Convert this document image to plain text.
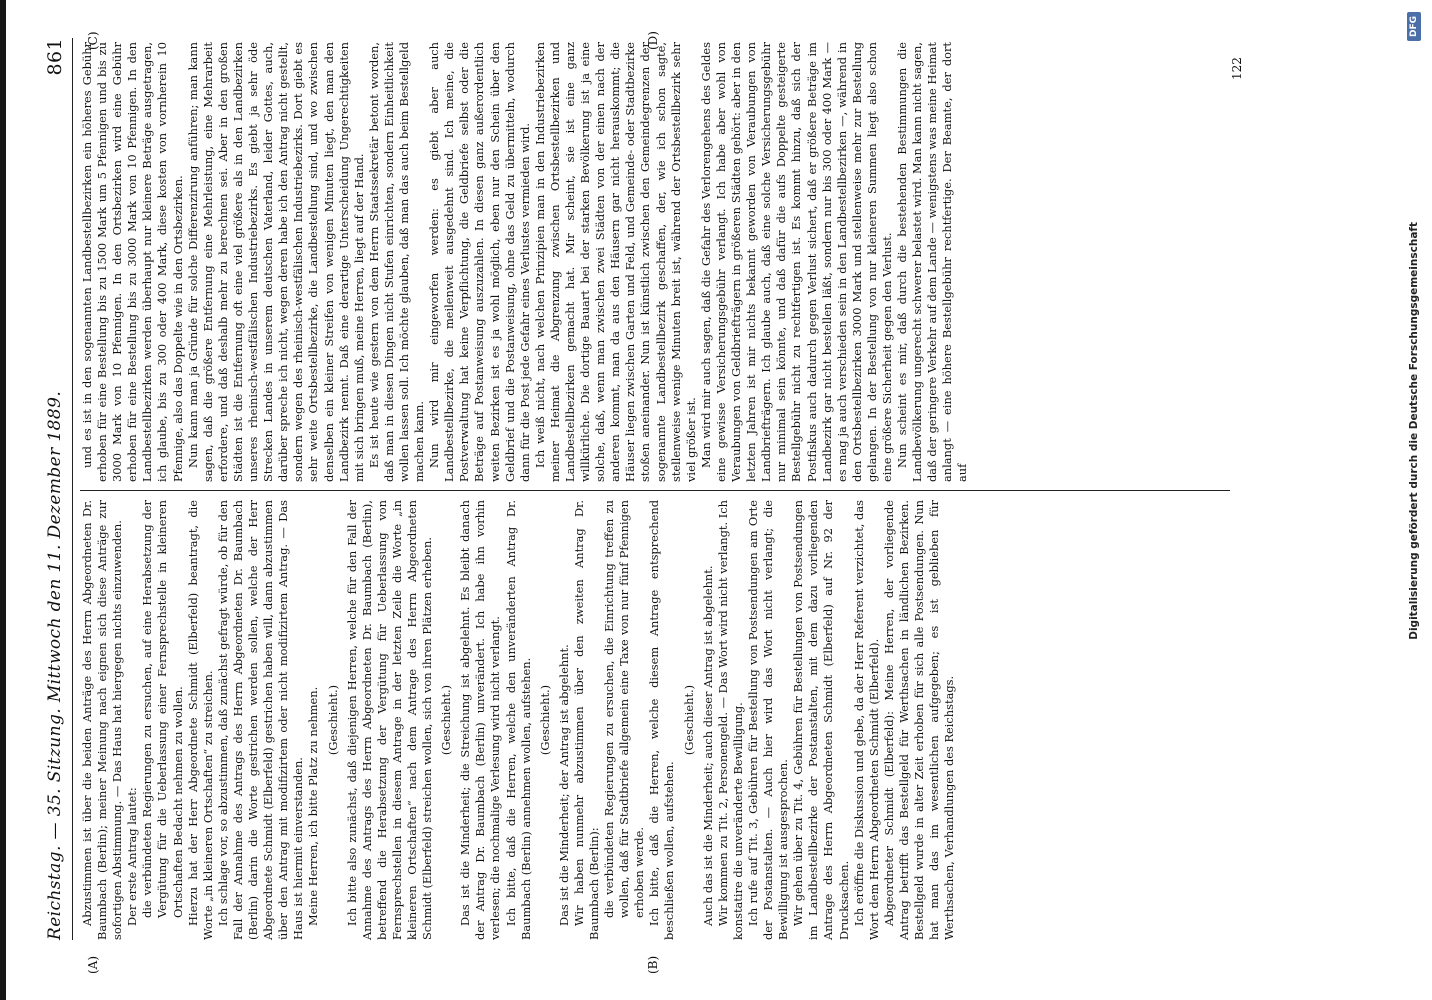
Reichstag. — 35. Sitzung. Mittwoch den 11. Dezember 1889.
861
(A)	(B)
(C)	(D)

Abzustimmen ist über die beiden Anträge des Herrn Abgeordneten Dr. Baumbach (Berlin); meiner Meinung nach eignen sich diese Anträge zur sofortigen Abstimmung. — Das Haus hat hiergegen nichts einzuwenden. Der erste Antrag lautet: die verbündeten Regierungen zu ersuchen, auf eine Herabsetzung der Vergütung für die Ueberlassung einer Fernsprechstelle in kleineren Ortschaften Bedacht nehmen zu wollen. Hierzu hat der Herr Abgeordnete Schmidt (Elberfeld) beantragt, die Worte „in kleineren Ortschaften“ zu streichen. Ich schlage vor, so abzustimmen, daß zunächst gefragt würde, ob für den Fall der Annahme des Antrags des Herrn Abgeordneten Dr. Baumbach (Berlin) darin die Worte gestrichen werden sollen, welche der Herr Abgeordnete Schmidt (Elberfeld) gestrichen haben will, dann abzustimmen über den Antrag mit modifizirtem oder nicht modifizirtem Antrag. — Das Haus ist hiermit einverstanden. Meine Herren, ich bitte Platz zu nehmen. (Geschieht.) Ich bitte also zunächst, daß diejenigen Herren, welche für den Fall der Annahme des Antrags des Herrn Abgeordneten Dr. Baumbach (Berlin), betreffend die Herabsetzung der Vergütung für Ueberlassung von Fernsprechstellen in diesem Antrage in der letzten Zeile die Worte „in kleineren Ortschaften“ nach dem Antrage des Herrn Abgeordneten Schmidt (Elberfeld) streichen wollen, sich von ihren Plätzen erheben. (Geschieht.) Das ist die Minderheit; die Streichung ist abgelehnt. Es bleibt danach der Antrag Dr. Baumbach (Berlin) unverändert. Ich habe ihn vorhin verlesen; die nochmalige Verlesung wird nicht verlangt. Ich bitte, daß die Herren, welche den unveränderten Antrag Dr. Baumbach (Berlin) annehmen wollen, aufstehen. (Geschieht.) Das ist die Minderheit; der Antrag ist abgelehnt. Wir haben nunmehr abzustimmen über den zweiten Antrag Dr. Baumbach (Berlin): die verbündeten Regierungen zu ersuchen, die Einrichtung treffen zu wollen, daß für Stadtbriefe allgemein eine Taxe von nur fünf Pfennigen erhoben werde. Ich bitte, daß die Herren, welche diesem Antrage entsprechend beschließen wollen, aufstehen.

(Geschieht.) Auch das ist die Minderheit; auch dieser Antrag ist abgelehnt. Wir kommen zu Tit. 2, Personengeld. — Das Wort wird nicht verlangt. Ich konstatire die unveränderte Bewilligung. Ich rufe auf Tit. 3, Gebühren für Bestellung von Postsendungen am Orte der Postanstalten. — Auch hier wird das Wort nicht verlangt; die Bewilligung ist ausgesprochen. Wir gehen über zu Tit. 4, Gebühren für Bestellungen von Postsendungen im Landbestellbezirke der Postanstalten, mit dem dazu vorliegenden Antrage des Herrn Abgeordneten Schmidt (Elberfeld) auf Nr. 92 der Drucksachen. Ich eröffne die Diskussion und gebe, da der Herr Referent verzichtet, das Wort dem Herrn Abgeordneten Schmidt (Elberfeld). Abgeordneter Schmidt (Elberfeld): Meine Herren, der vorliegende Antrag betrifft das Bestellgeld für Werthsachen in ländlichen Bezirken. Bestellgeld wurde in alter Zeit erhoben für sich alle Postsendungen. Nun hat man das im wesentlichen aufgegeben; es ist geblieben für Werthsachen, Verhandlungen des Reichstags.

und es ist in den sogenannten Landbestellbezirken ein höheres Gebühr erhoben für eine Bestellung bis zu 1500 Mark um 5 Pfennigen und bis zu 3000 Mark von 10 Pfennigen. In den Ortsbezirken wird eine Gebühr erhoben für eine Bestellung bis zu 3000 Mark von 10 Pfennigen. In den Landbestellbezirken werden überhaupt nur kleinere Beträge ausgetragen, ich glaube, bis zu 300 oder 400 Mark, diese kosten von vornherein 10 Pfennige, also das Doppelte wie in den Ortsbezirken. Nun kann man ja Gründe für solche Differenzirung anführen; man kann sagen, daß die größere Entfernung eine Mehrleistung, eine Mehrarbeit erfordere, und daß deshalb mehr zu berechnen sei. Aber in den großen Städten ist die Entfernung oft eine viel größere als in den Landbezirken unseres rheinisch-westfälischen Industriebezirks. Es giebt ja sehr öde Strecken Landes in unserem deutschen Vaterland, leider Gottes, auch, darüber spreche ich nicht, wegen deren habe ich den Antrag nicht gestellt, sondern wegen des rheinisch-westfälischen Industriebezirks. Dort giebt es sehr weite Ortsbestellbezirke, die Landbestellung sind, und wo zwischen denselben ein kleiner Streifen von wenigen Minuten liegt, den man den Landbezirk nennt. Daß eine derartige Unterscheidung Ungerechtigkeiten mit sich bringen muß, meine Herren, liegt auf der Hand. Es ist heute wie gestern von dem Herrn Staatssekretär betont worden, daß man in diesen Dingen nicht Stufen einrichten, sondern Einheitlichkeit wollen lassen soll. Ich möchte glauben, daß man das auch beim Bestellgeld machen kann. Nun wird mir eingeworfen werden: es giebt aber auch Landbestellbezirke, die meilenweit ausgedehnt sind. Ich meine, die Postverwaltung hat keine Verpflichtung, die Geldbriefe selbst oder die Beträge auf Postanweisung auszuzahlen. In diesen ganz außerordentlich weiten Bezirken ist es ja wohl möglich, eben nur den Schein über den Geldbrief und die Postanweisung, ohne das Geld zu übermitteln, wodurch dann für die Post jede Gefahr eines Verlustes vermieden wird. Ich weiß nicht, nach welchen Prinzipien man in den Industriebezirken meiner Heimat die Abgrenzung zwischen Ortsbestellbezirken und Landbestellbezirken gemacht hat. Mir scheint, sie ist eine ganz willkürliche. Die dortige Bauart bei der starken Bevölkerung ist ja eine solche, daß, wenn man zwischen zwei Städten von der einen nach der anderen kommt, man da aus den Häusern gar nicht herauskommt; die Häuser liegen zwischen Garten und Feld, und Gemeinde- oder Stadtbezirke stoßen aneinander. Nun ist künstlich zwischen den Gemeindegrenzen der sogenannte Landbestellbezirk geschaffen, der, wie ich schon sagte, stellenweise wenige Minuten breit ist, während der Ortsbestellbezirk sehr viel größer ist. Man wird mir auch sagen, daß die Gefahr des Verlorengehens des Geldes eine gewisse Versicherungsgebühr verlangt. Ich habe aber wohl von Veraubungen von Geldbriefträgern in größeren Städten gehört: aber in den letzten Jahren ist mir nichts bekannt geworden von Veraubungen von Landbriefträgern. Ich glaube auch, daß eine solche Versicherungsgebühr nur minimal sein könnte, und daß dafür die aufs Doppelte gesteigerte Bestellgebühr nicht zu rechtfertigen ist. Es kommt hinzu, daß sich der Postfiskus auch dadurch gegen Verlust sichert, daß er größere Beträge im Landbezirk gar nicht bestellen läßt, sondern nur bis 300 oder 400 Mark — es mag ja auch verschieden sein in den Landbestellbezirken —, während in den Ortsbestellbezirken 3000 Mark und stellenweise mehr zur Bestellung gelangen. In der Bestellung von nur kleineren Summen liegt also schon eine größere Sicherheit gegen den Verlust. Nun scheint es mir, daß durch die bestehenden Bestimmungen die Landbevölkerung ungerecht schwerer belastet wird. Man kann nicht sagen, daß der geringere Verkehr auf dem Lande — wenigstens was meine Heimat anlangt — eine höhere Bestellgebühr rechtfertige. Der Beamte, der dort auf

122
DFG
Digitalisierung gefördert durch die Deutsche Forschungsgemeinschaft
